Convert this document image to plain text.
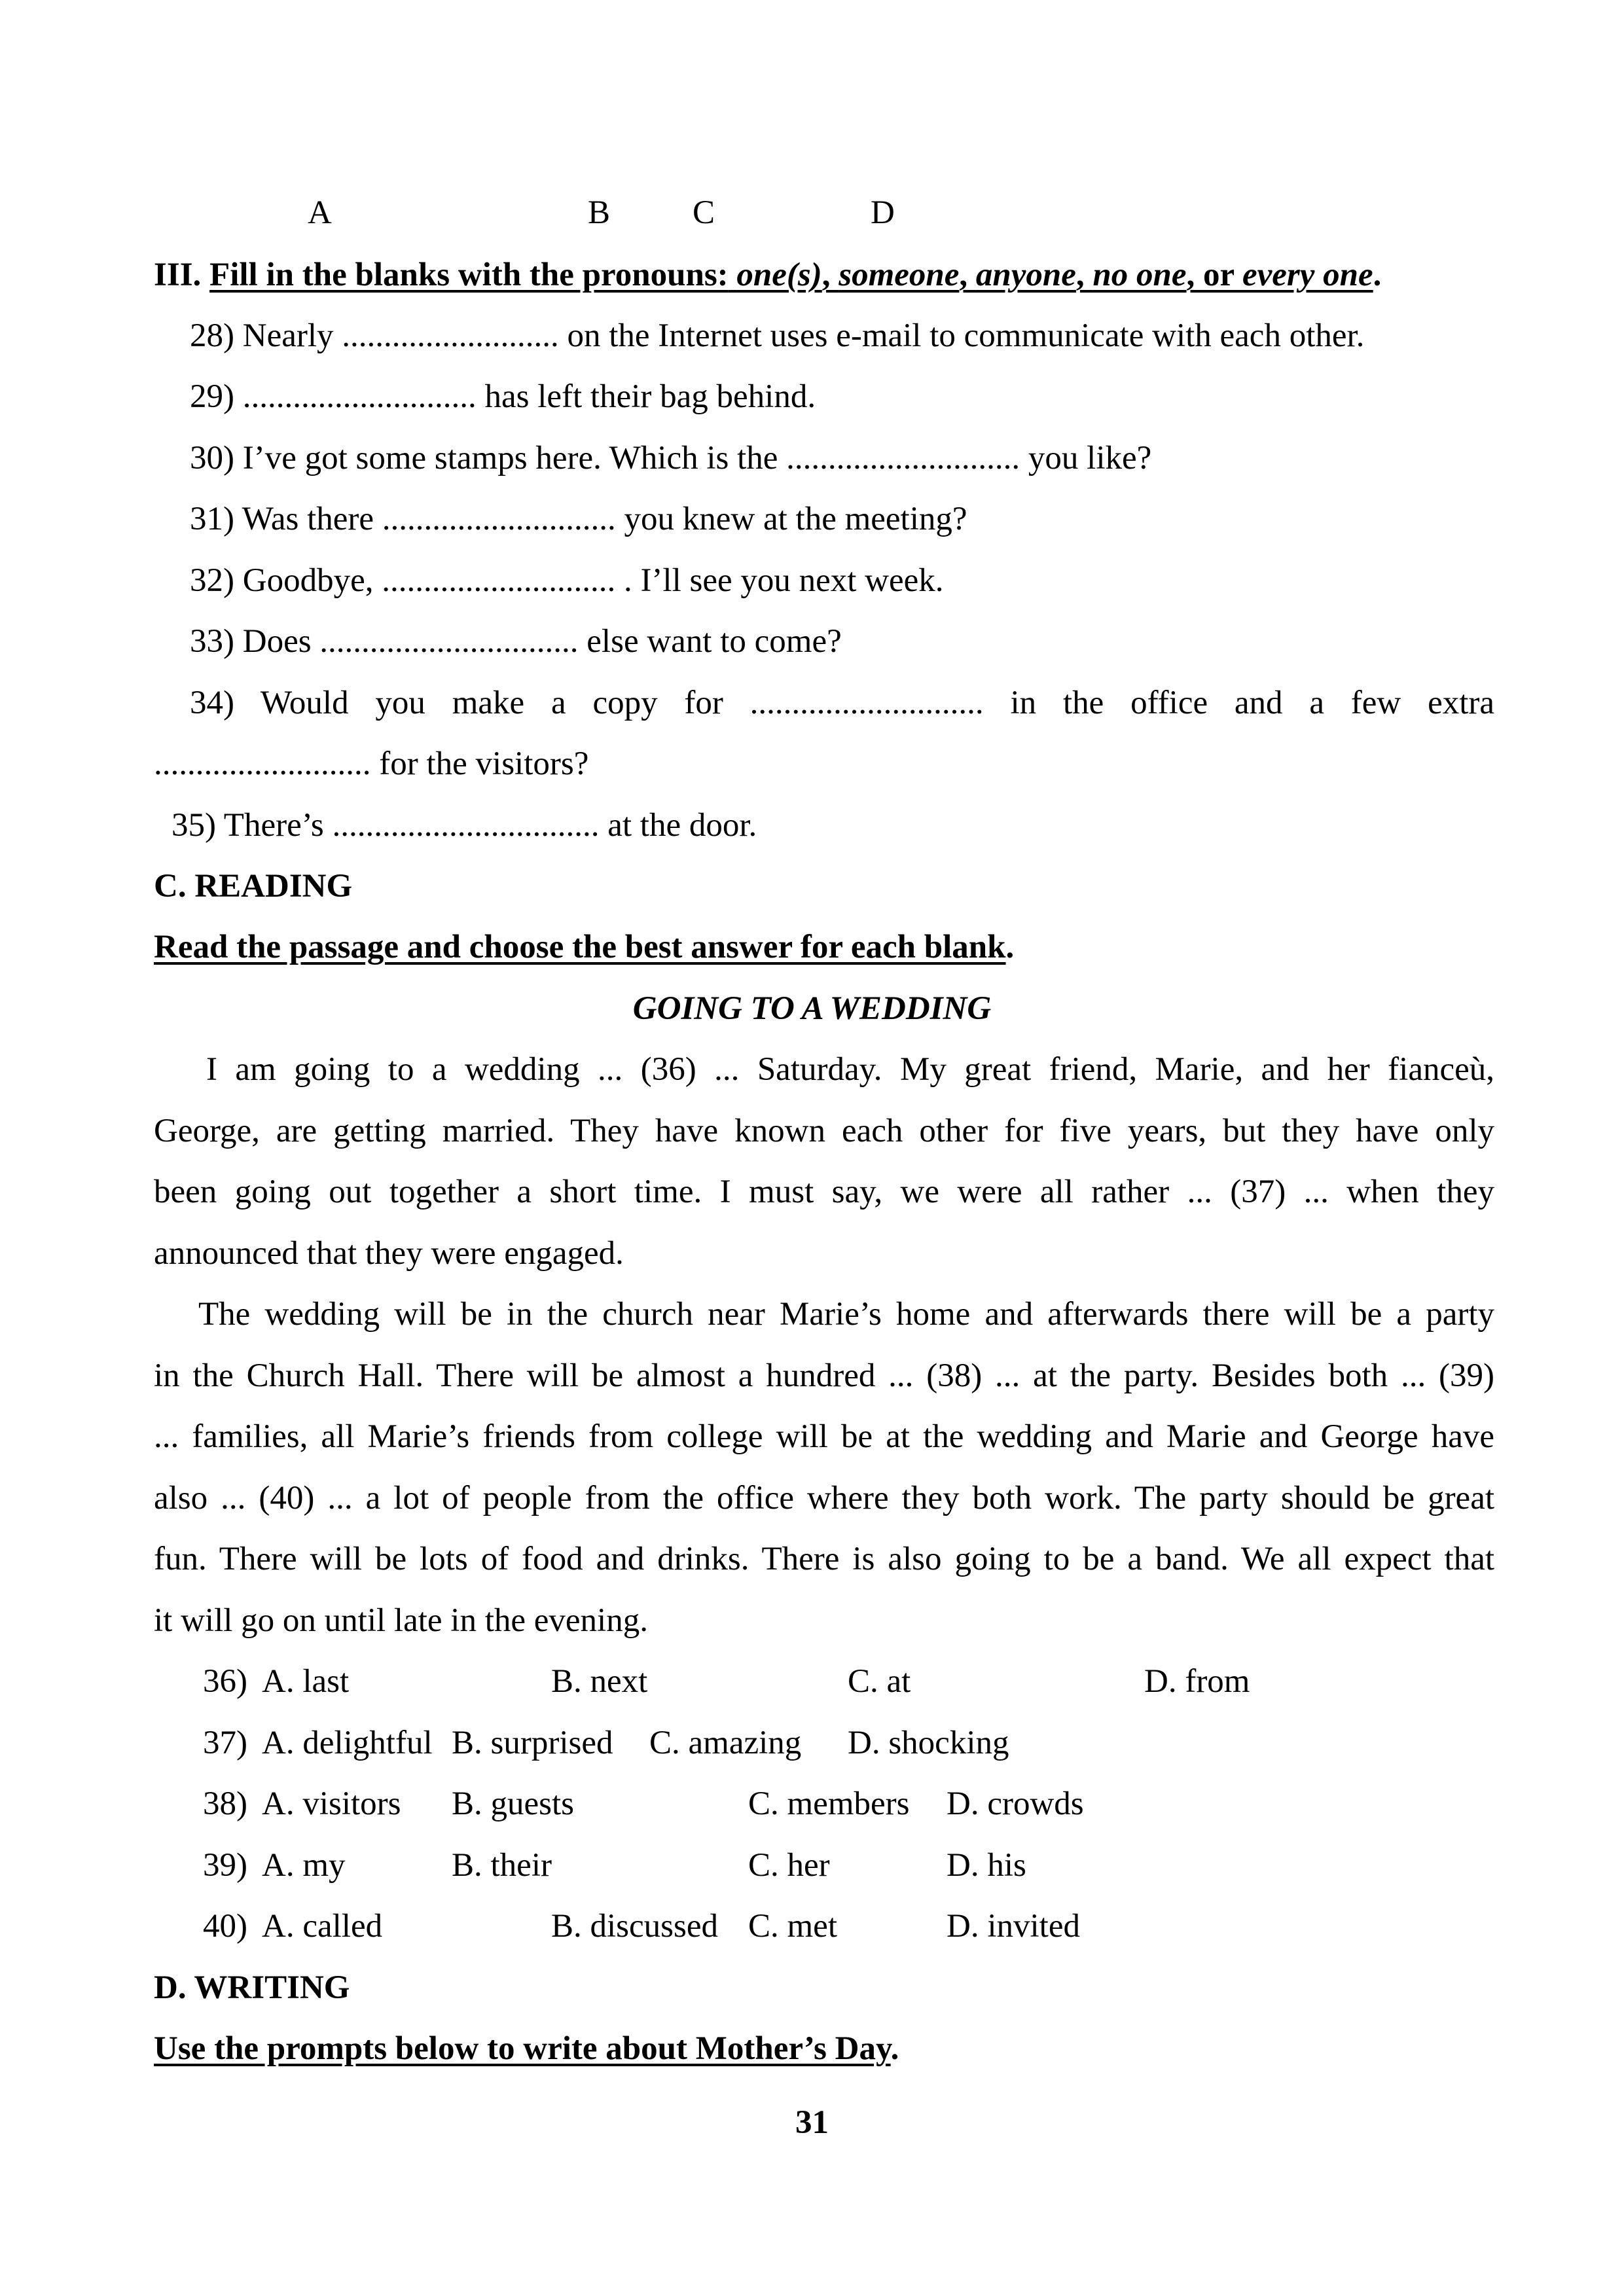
A	B C	D
III. Fill in the blanks with the pronouns: one(s), someone, anyone, no one, or every one.
28) Nearly .......................... on the Internet uses e-mail to communicate with each other.
29) ............................ has left their bag behind.
30) I’ve got some stamps here. Which is the ............................ you like?
31) Was there ............................ you knew at the meeting?
32) Goodbye, ............................ . I’ll see you next week.
33) Does ............................... else want to come?
34) Would you make a copy for ............................ in the office and a few extra
.......................... for the visitors?
35) There’s ................................ at the door.
C. READING
Read the passage and choose the best answer for each blank.
GOING TO A WEDDING
I am going to a wedding ... (36) ... Saturday. My great friend, Marie, and her fianceù,
George, are getting married. They have known each other for five years, but they have only
been going out together a short time. I must say, we were all rather ... (37) ... when they
announced that they were engaged.
The wedding will be in the church near Marie’s home and afterwards there will be a party
in the Church Hall. There will be almost a hundred ... (38) ... at the party. Besides both ... (39)
... families, all Marie’s friends from college will be at the wedding and Marie and George have
also ... (40) ... a lot of people from the office where they both work. The party should be great
fun. There will be lots of food and drinks. There is also going to be a band. We all expect that
it will go on until late in the evening.
36) A. last	B. next	C. at	D. from
37) A. delightful B. surprised C. amazing D. shocking
38) A. visitors B. guests	C. members D. crowds
39) A. my	B. their	C. her	D. his
40) A. called	B. discussed C. met	D. invited
D. WRITING
Use the prompts below to write about Mother’s Day.
31
